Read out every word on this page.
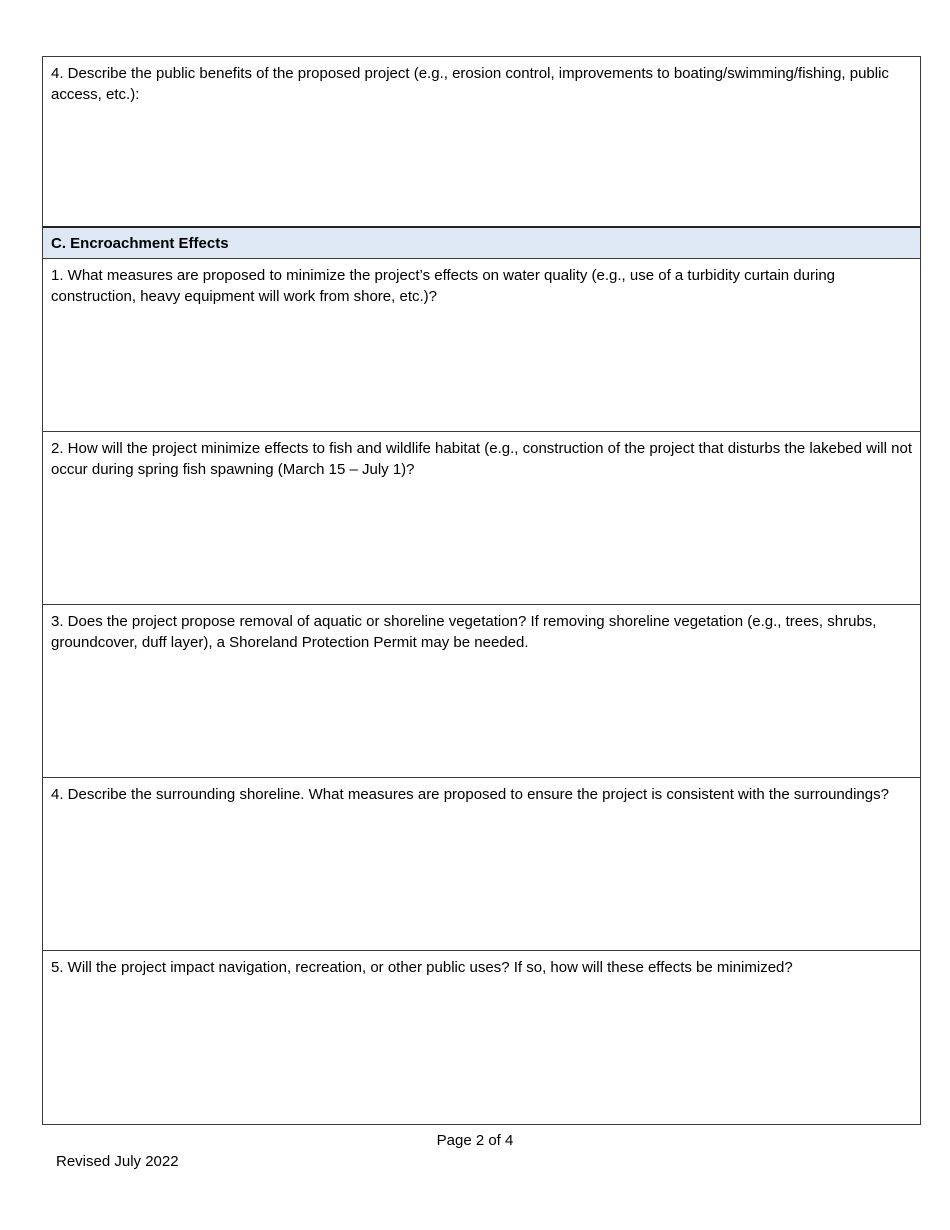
4. Describe the public benefits of the proposed project (e.g., erosion control, improvements to boating/swimming/fishing, public access, etc.):
C. Encroachment Effects
1. What measures are proposed to minimize the project’s effects on water quality (e.g., use of a turbidity curtain during construction, heavy equipment will work from shore, etc.)?
2. How will the project minimize effects to fish and wildlife habitat (e.g., construction of the project that disturbs the lakebed will not occur during spring fish spawning (March 15 – July 1)?
3. Does the project propose removal of aquatic or shoreline vegetation? If removing shoreline vegetation (e.g., trees, shrubs, groundcover, duff layer), a Shoreland Protection Permit may be needed.
4. Describe the surrounding shoreline. What measures are proposed to ensure the project is consistent with the surroundings?
5. Will the project impact navigation, recreation, or other public uses? If so, how will these effects be minimized?
Page 2 of 4
Revised July 2022
